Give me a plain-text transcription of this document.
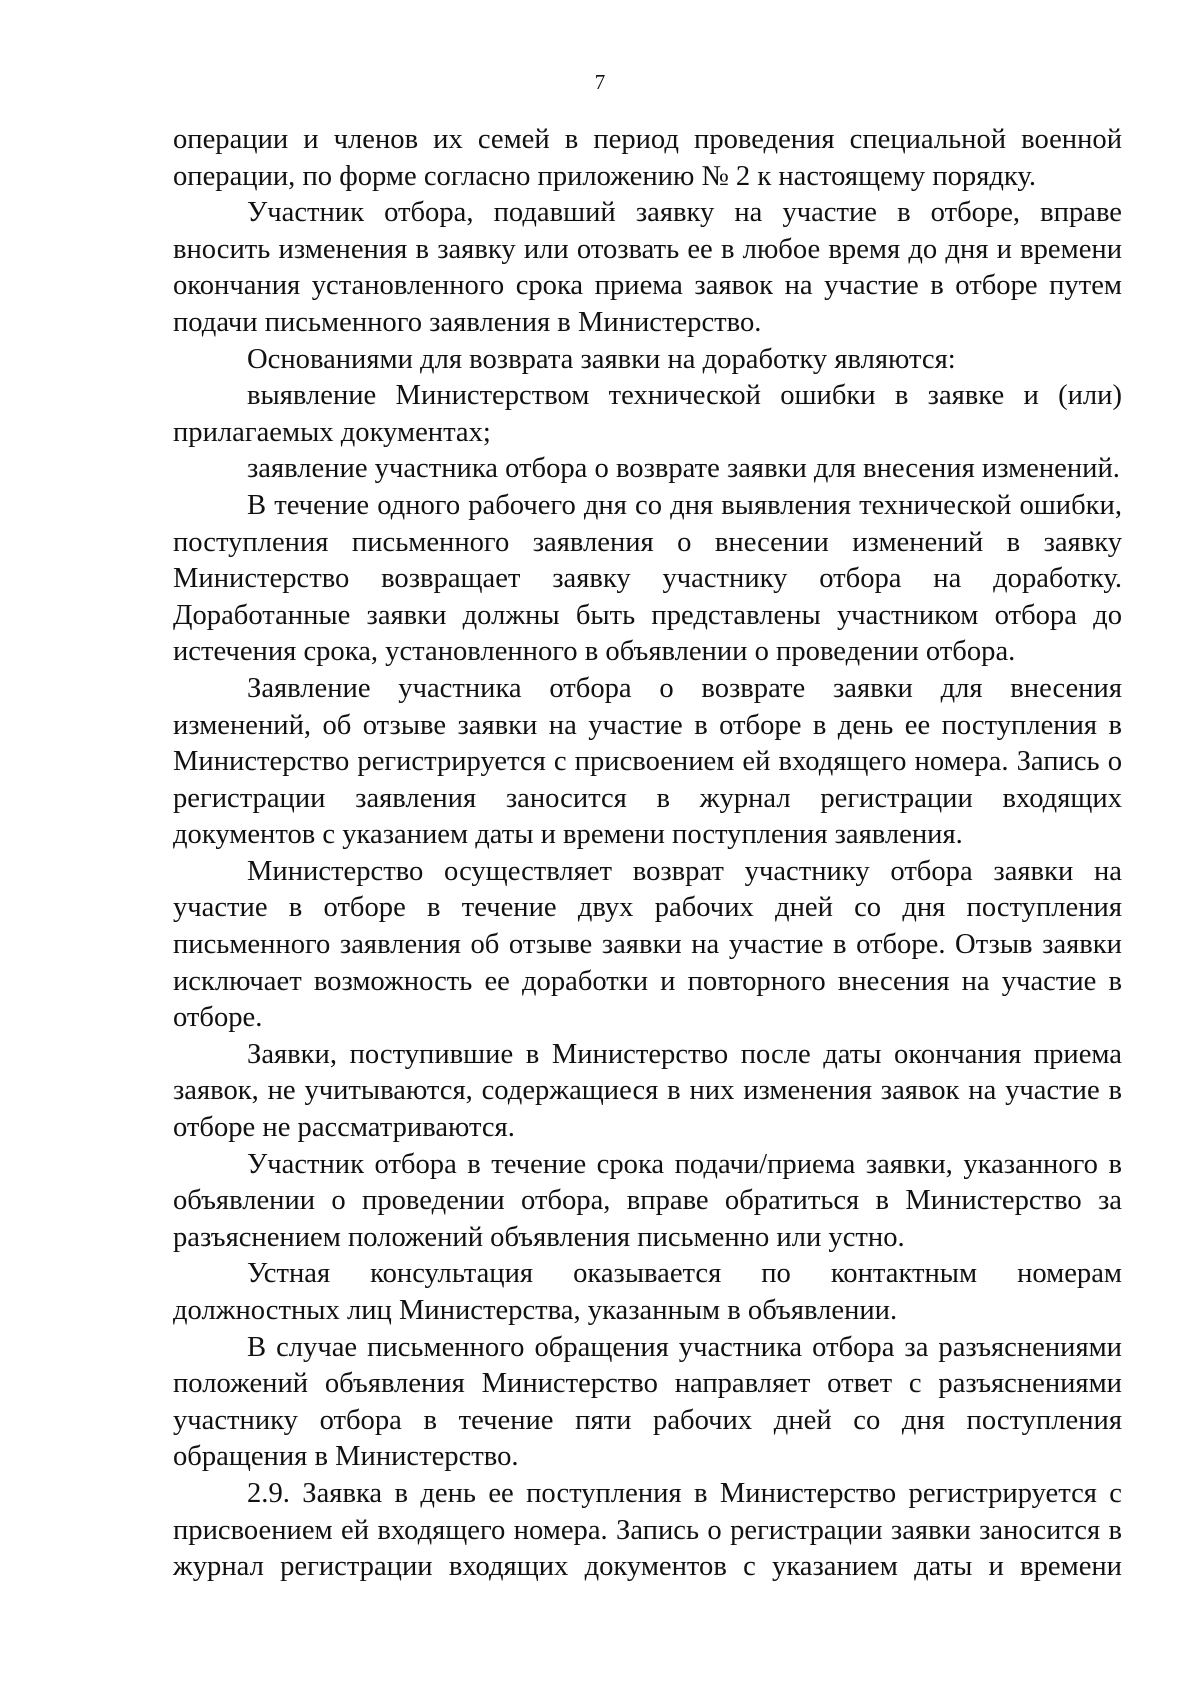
7

операции и членов их семей в период проведения специальной военной операции, по форме согласно приложению № 2 к настоящему порядку.

Участник отбора, подавший заявку на участие в отборе, вправе вносить изменения в заявку или отозвать ее в любое время до дня и времени окончания установленного срока приема заявок на участие в отборе путем подачи письменного заявления в Министерство.

Основаниями для возврата заявки на доработку являются:

выявление Министерством технической ошибки в заявке и (или) прилагаемых документах;

заявление участника отбора о возврате заявки для внесения изменений.

В течение одного рабочего дня со дня выявления технической ошибки, поступления письменного заявления о внесении изменений в заявку Министерство возвращает заявку участнику отбора на доработку. Доработанные заявки должны быть представлены участником отбора до истечения срока, установленного в объявлении о проведении отбора.

Заявление участника отбора о возврате заявки для внесения изменений, об отзыве заявки на участие в отборе в день ее поступления в Министерство регистрируется с присвоением ей входящего номера. Запись о регистрации заявления заносится в журнал регистрации входящих документов с указанием даты и времени поступления заявления.

Министерство осуществляет возврат участнику отбора заявки на участие в отборе в течение двух рабочих дней со дня поступления письменного заявления об отзыве заявки на участие в отборе. Отзыв заявки исключает возможность ее доработки и повторного внесения на участие в отборе.

Заявки, поступившие в Министерство после даты окончания приема заявок, не учитываются, содержащиеся в них изменения заявок на участие в отборе не рассматриваются.

Участник отбора в течение срока подачи/приема заявки, указанного в объявлении о проведении отбора, вправе обратиться в Министерство за разъяснением положений объявления письменно или устно.

Устная консультация оказывается по контактным номерам должностных лиц Министерства, указанным в объявлении.

В случае письменного обращения участника отбора за разъяснениями положений объявления Министерство направляет ответ с разъяснениями участнику отбора в течение пяти рабочих дней со дня поступления обращения в Министерство.

2.9. Заявка в день ее поступления в Министерство регистрируется с присвоением ей входящего номера. Запись о регистрации заявки заносится в журнал регистрации входящих документов с указанием даты и времени
